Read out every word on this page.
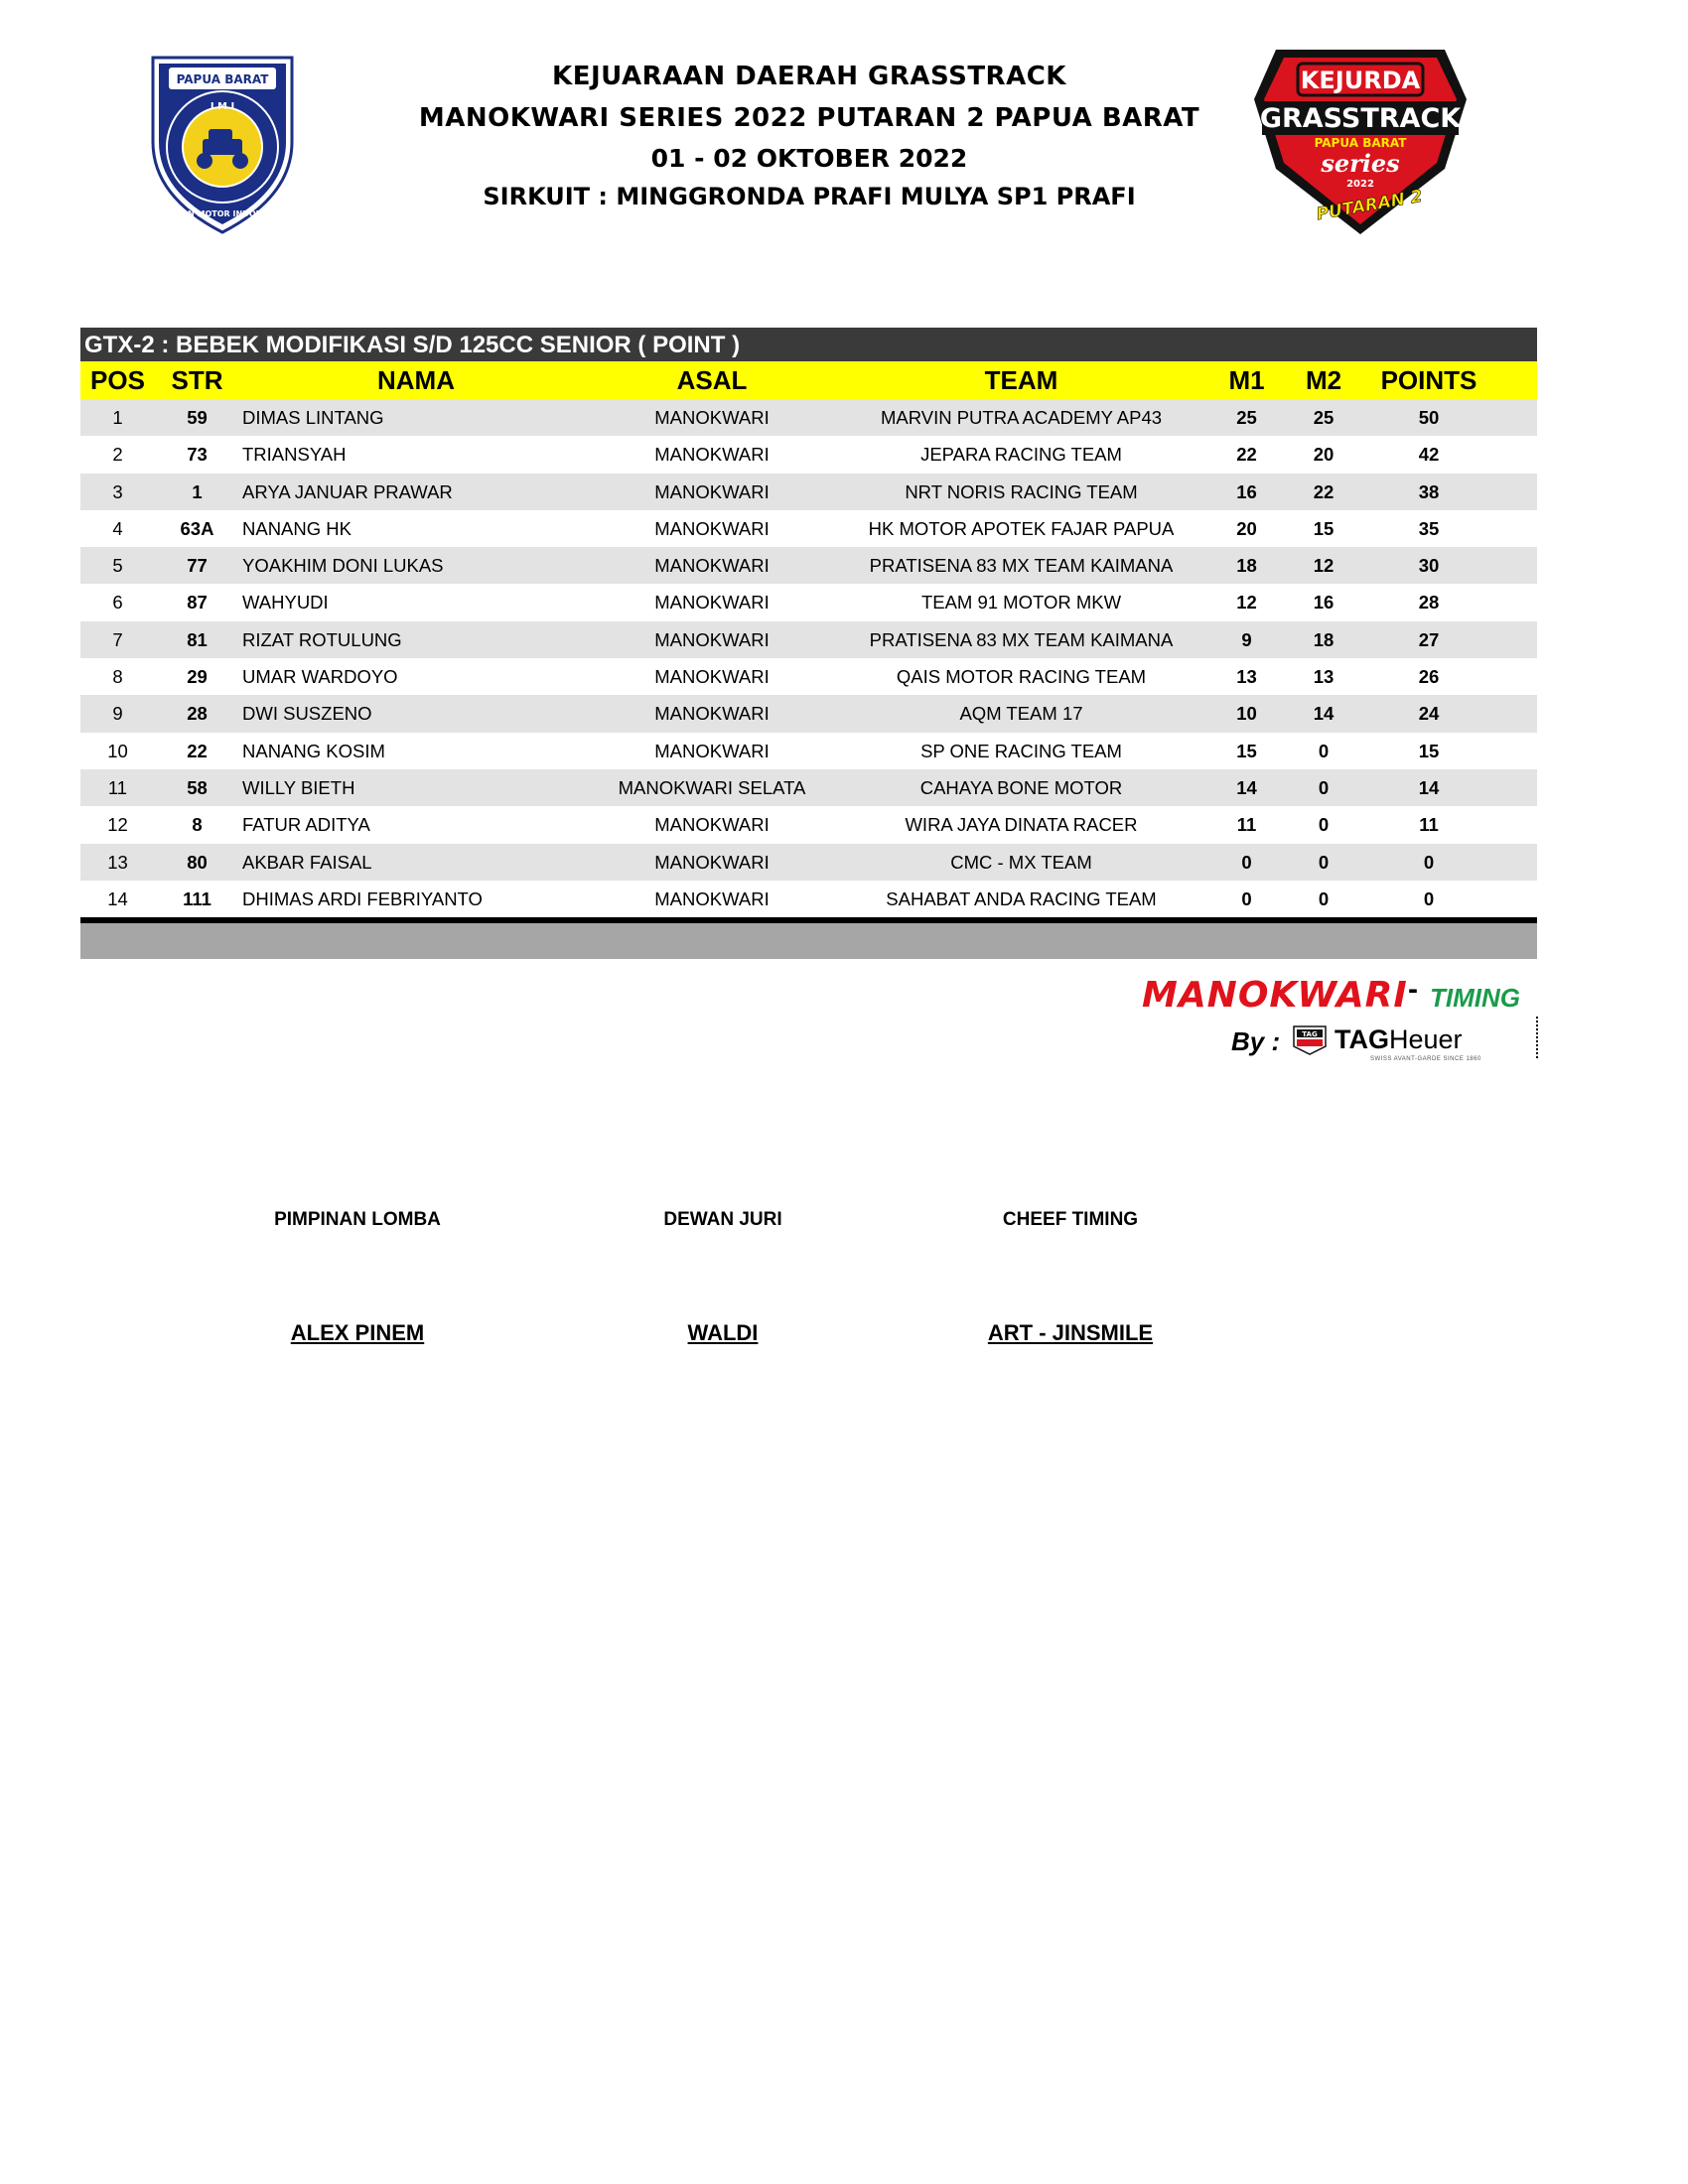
PAPUA BARAT
I M I
IKATAN MOTOR INDONESIA
KEJUARAAN DAERAH GRASSTRACK
MANOKWARI SERIES 2022 PUTARAN 2 PAPUA BARAT
01 - 02 OKTOBER 2022
SIRKUIT : MINGGRONDA PRAFI MULYA SP1 PRAFI
KEJURDA
GRASSTRACK
PAPUA BARAT
series
2022
PUTARAN 2
GTX-2 : BEBEK MODIFIKASI S/D 125CC SENIOR ( POINT )
POS	STR	NAMA	ASAL	TEAM	M1	M2	POINTS
1	59	DIMAS LINTANG	MANOKWARI	MARVIN PUTRA ACADEMY AP43	25	25	50
2	73	TRIANSYAH	MANOKWARI	JEPARA RACING TEAM	22	20	42
3	1	ARYA JANUAR PRAWAR	MANOKWARI	NRT NORIS RACING TEAM	16	22	38
4	63A	NANANG HK	MANOKWARI	HK MOTOR APOTEK FAJAR PAPUA	20	15	35
5	77	YOAKHIM DONI LUKAS	MANOKWARI	PRATISENA 83 MX TEAM KAIMANA	18	12	30
6	87	WAHYUDI	MANOKWARI	TEAM 91 MOTOR MKW	12	16	28
7	81	RIZAT ROTULUNG	MANOKWARI	PRATISENA 83 MX TEAM KAIMANA	9	18	27
8	29	UMAR WARDOYO	MANOKWARI	QAIS MOTOR RACING TEAM	13	13	26
9	28	DWI SUSZENO	MANOKWARI	AQM TEAM 17	10	14	24
10	22	NANANG KOSIM	MANOKWARI	SP ONE RACING TEAM	15	0	15
11	58	WILLY BIETH	MANOKWARI SELATA	CAHAYA BONE MOTOR	14	0	14
12	8	FATUR ADITYA	MANOKWARI	WIRA JAYA DINATA RACER	11	0	11
13	80	AKBAR FAISAL	MANOKWARI	CMC - MX TEAM	0	0	0
14	111	DHIMAS ARDI FEBRIYANTO	MANOKWARI	SAHABAT ANDA RACING TEAM	0	0	0
MANOKWARI - TIMING
By :	TAG TAGHeuer
SWISS AVANT-GARDE SINCE 1860
PIMPINAN LOMBA	DEWAN JURI	CHEEF TIMING
ALEX PINEM	WALDI	ART - JINSMILE
